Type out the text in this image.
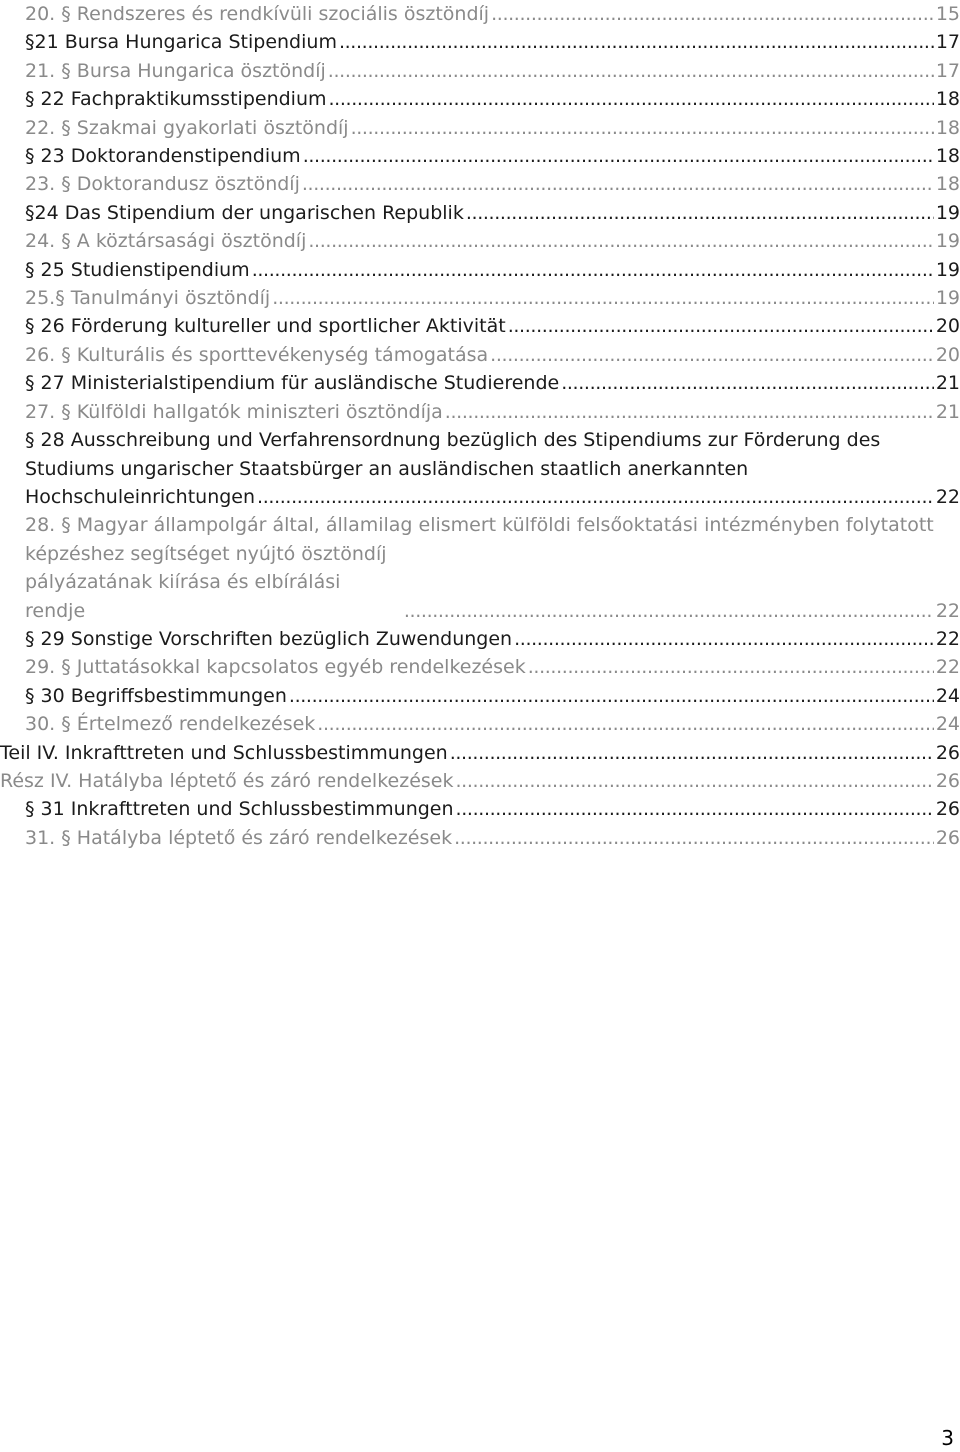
20. § Rendszeres és rendkívüli szociális ösztöndíj . . .	15
§21 Bursa Hungarica Stipendium . . .	17
21. § Bursa Hungarica ösztöndíj . . .	17
§ 22 Fachpraktikumsstipendium . . .	18
22. § Szakmai gyakorlati ösztöndíj . . .	18
§ 23 Doktorandenstipendium . . .	18
23. § Doktorandusz ösztöndíj . . .	18
§24 Das Stipendium der ungarischen Republik . . .	19
24. § A köztársasági ösztöndíj . . .	19
§ 25 Studienstipendium . . .	19
25.§ Tanulmányi ösztöndíj . . .	19
§ 26 Förderung kultureller und sportlicher Aktivität . . .	20
26. § Kulturális és sporttevékenység támogatása . . .	20
§ 27 Ministerialstipendium für ausländische Studierende . . .	21
27. § Külföldi hallgatók miniszteri ösztöndíja . . .	21
§ 28 Ausschreibung und Verfahrensordnung bezüglich des Stipendiums zur Förderung des
Studiums ungarischer Staatsbürger an ausländischen staatlich anerkannten
Hochschuleinrichtungen . . .	22
28. § Magyar állampolgár által, államilag elismert külföldi felsőoktatási intézményben folytatott
képzéshez segítséget nyújtó ösztöndíj pályázatának kiírása és elbírálási rendje . . .	22
§ 29 Sonstige Vorschriften bezüglich Zuwendungen . . .	22
29. § Juttatásokkal kapcsolatos egyéb rendelkezések . . .	22
§ 30 Begriffsbestimmungen . . .	24
30. § Értelmező rendelkezések . . .	24
Teil IV. Inkrafttreten und Schlussbestimmungen . . .	26
Rész IV. Hatályba léptető és záró rendelkezések . . .	26
§ 31 Inkrafttreten und Schlussbestimmungen . . .	26
31. § Hatályba léptető és záró rendelkezések . . .	26
3
